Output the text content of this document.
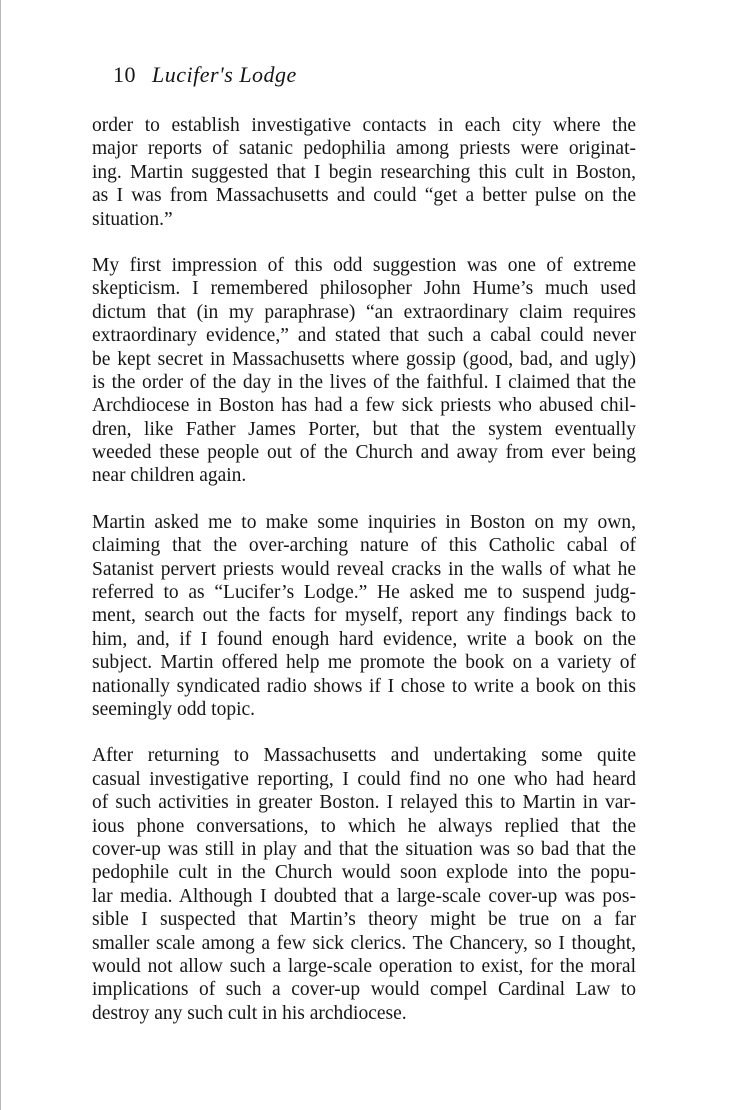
10 Lucifer's Lodge
order to establish investigative contacts in each city where the
major reports of satanic pedophilia among priests were originat-
ing. Martin suggested that I begin researching this cult in Boston,
as I was from Massachusetts and could “get a better pulse on the
situation.”
My first impression of this odd suggestion was one of extreme
skepticism. I remembered philosopher John Hume’s much used
dictum that (in my paraphrase) “an extraordinary claim requires
extraordinary evidence,” and stated that such a cabal could never
be kept secret in Massachusetts where gossip (good, bad, and ugly)
is the order of the day in the lives of the faithful. I claimed that the
Archdiocese in Boston has had a few sick priests who abused chil-
dren, like Father James Porter, but that the system eventually
weeded these people out of the Church and away from ever being
near children again.
Martin asked me to make some inquiries in Boston on my own,
claiming that the over-arching nature of this Catholic cabal of
Satanist pervert priests would reveal cracks in the walls of what he
referred to as “Lucifer’s Lodge.” He asked me to suspend judg-
ment, search out the facts for myself, report any findings back to
him, and, if I found enough hard evidence, write a book on the
subject. Martin offered help me promote the book on a variety of
nationally syndicated radio shows if I chose to write a book on this
seemingly odd topic.
After returning to Massachusetts and undertaking some quite
casual investigative reporting, I could find no one who had heard
of such activities in greater Boston. I relayed this to Martin in var-
ious phone conversations, to which he always replied that the
cover-up was still in play and that the situation was so bad that the
pedophile cult in the Church would soon explode into the popu-
lar media. Although I doubted that a large-scale cover-up was pos-
sible I suspected that Martin’s theory might be true on a far
smaller scale among a few sick clerics. The Chancery, so I thought,
would not allow such a large-scale operation to exist, for the moral
implications of such a cover-up would compel Cardinal Law to
destroy any such cult in his archdiocese.
